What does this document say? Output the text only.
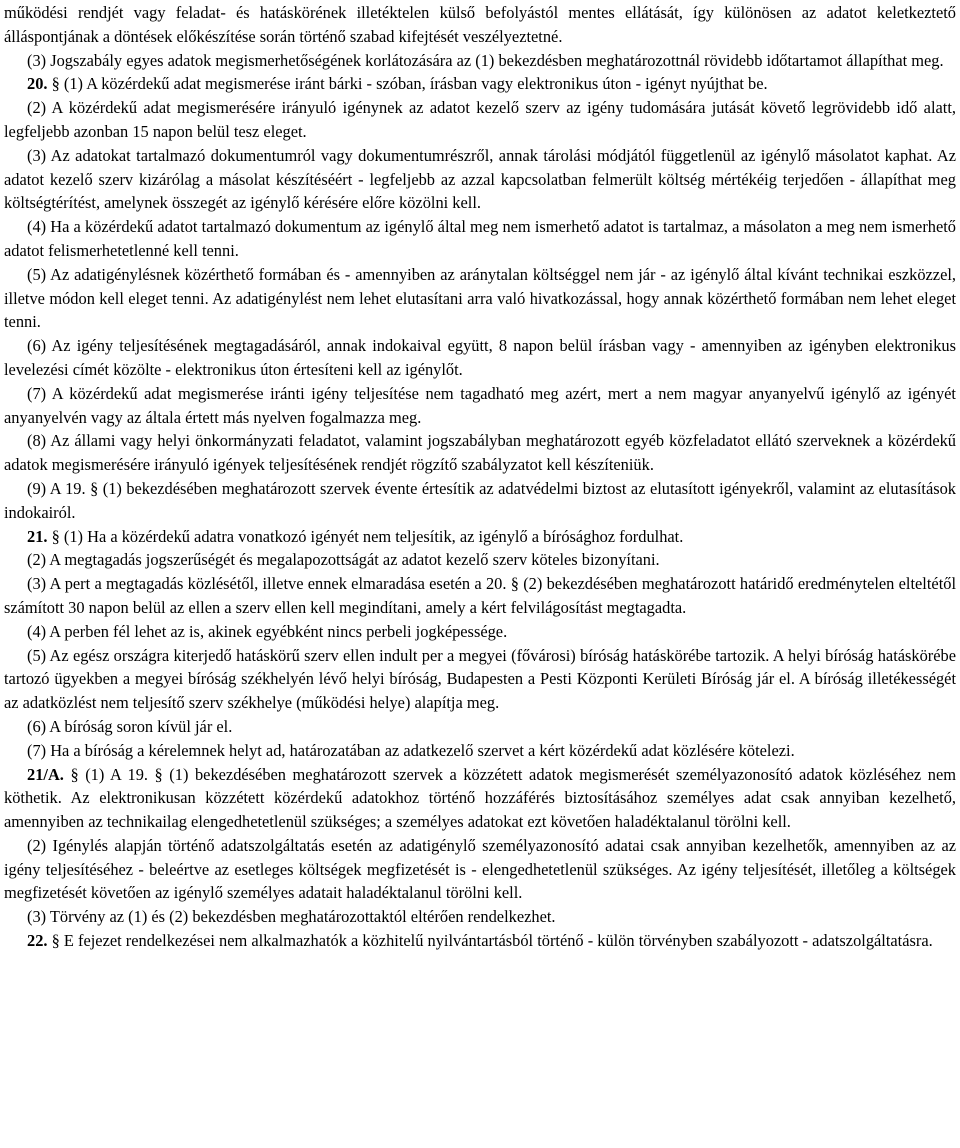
működési rendjét vagy feladat- és hatáskörének illetéktelen külső befolyástól mentes ellátását, így különösen az adatot keletkeztető álláspontjának a döntések előkészítése során történő szabad kifejtését veszélyeztetné.

(3) Jogszabály egyes adatok megismerhetőségének korlátozására az (1) bekezdésben meghatározottnál rövidebb időtartamot állapíthat meg.

20. § (1) A közérdekű adat megismerése iránt bárki - szóban, írásban vagy elektronikus úton - igényt nyújthat be.

(2) A közérdekű adat megismerésére irányuló igénynek az adatot kezelő szerv az igény tudomására jutását követő legrövidebb idő alatt, legfeljebb azonban 15 napon belül tesz eleget.

(3) Az adatokat tartalmazó dokumentumról vagy dokumentumrészről, annak tárolási módjától függetlenül az igénylő másolatot kaphat. Az adatot kezelő szerv kizárólag a másolat készítéséért - legfeljebb az azzal kapcsolatban felmerült költség mértékéig terjedően - állapíthat meg költségtérítést, amelynek összegét az igénylő kérésére előre közölni kell.

(4) Ha a közérdekű adatot tartalmazó dokumentum az igénylő által meg nem ismerhető adatot is tartalmaz, a másolaton a meg nem ismerhető adatot felismerhetetlenné kell tenni.

(5) Az adatigénylésnek közérthető formában és - amennyiben az aránytalan költséggel nem jár - az igénylő által kívánt technikai eszközzel, illetve módon kell eleget tenni. Az adatigénylést nem lehet elutasítani arra való hivatkozással, hogy annak közérthető formában nem lehet eleget tenni.

(6) Az igény teljesítésének megtagadásáról, annak indokaival együtt, 8 napon belül írásban vagy - amennyiben az igényben elektronikus levelezési címét közölte - elektronikus úton értesíteni kell az igénylőt.

(7) A közérdekű adat megismerése iránti igény teljesítése nem tagadható meg azért, mert a nem magyar anyanyelvű igénylő az igényét anyanyelvén vagy az általa értett más nyelven fogalmazza meg.

(8) Az állami vagy helyi önkormányzati feladatot, valamint jogszabályban meghatározott egyéb közfeladatot ellátó szerveknek a közérdekű adatok megismerésére irányuló igények teljesítésének rendjét rögzítő szabályzatot kell készíteniük.

(9) A 19. § (1) bekezdésében meghatározott szervek évente értesítik az adatvédelmi biztost az elutasított igényekről, valamint az elutasítások indokairól.

21. § (1) Ha a közérdekű adatra vonatkozó igényét nem teljesítik, az igénylő a bírósághoz fordulhat.

(2) A megtagadás jogszerűségét és megalapozottságát az adatot kezelő szerv köteles bizonyítani.

(3) A pert a megtagadás közlésétől, illetve ennek elmaradása esetén a 20. § (2) bekezdésében meghatározott határidő eredménytelen elteltétől számított 30 napon belül az ellen a szerv ellen kell megindítani, amely a kért felvilágosítást megtagadta.

(4) A perben fél lehet az is, akinek egyébként nincs perbeli jogképessége.

(5) Az egész országra kiterjedő hatáskörű szerv ellen indult per a megyei (fővárosi) bíróság hatáskörébe tartozik. A helyi bíróság hatáskörébe tartozó ügyekben a megyei bíróság székhelyén lévő helyi bíróság, Budapesten a Pesti Központi Kerületi Bíróság jár el. A bíróság illetékességét az adatközlést nem teljesítő szerv székhelye (működési helye) alapítja meg.

(6) A bíróság soron kívül jár el.

(7) Ha a bíróság a kérelemnek helyt ad, határozatában az adatkezelő szervet a kért közérdekű adat közlésére kötelezi.

21/A. § (1) A 19. § (1) bekezdésében meghatározott szervek a közzétett adatok megismerését személyazonosító adatok közléséhez nem köthetik. Az elektronikusan közzétett közérdekű adatokhoz történő hozzáférés biztosításához személyes adat csak annyiban kezelhető, amennyiben az technikailag elengedhetetlenül szükséges; a személyes adatokat ezt követően haladéktalanul törölni kell.

(2) Igénylés alapján történő adatszolgáltatás esetén az adatigénylő személyazonosító adatai csak annyiban kezelhetők, amennyiben az az igény teljesítéséhez - beleértve az esetleges költségek megfizetését is - elengedhetetlenül szükséges. Az igény teljesítését, illetőleg a költségek megfizetését követően az igénylő személyes adatait haladéktalanul törölni kell.

(3) Törvény az (1) és (2) bekezdésben meghatározottaktól eltérően rendelkezhet.

22. § E fejezet rendelkezései nem alkalmazhatók a közhitelű nyilvántartásból történő - külön törvényben szabályozott - adatszolgáltatásra.
